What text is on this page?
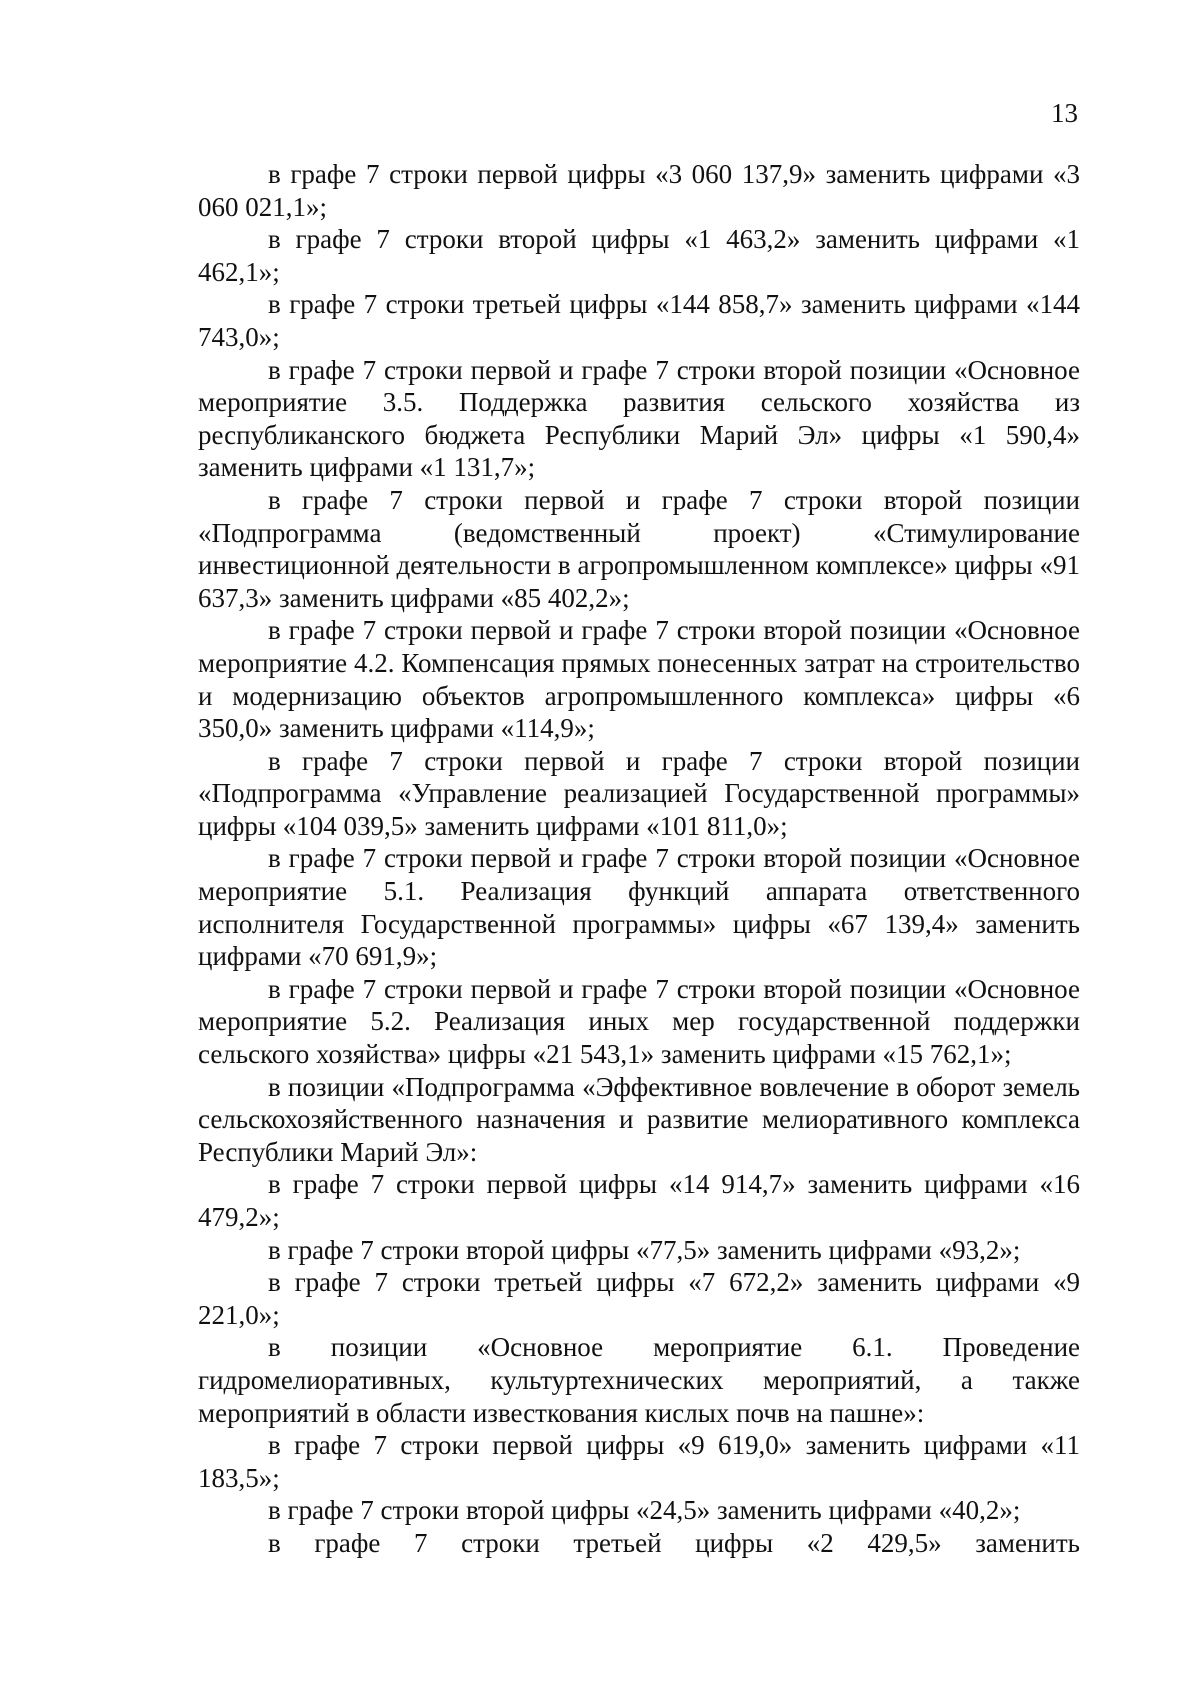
13

в графе 7 строки первой цифры «3 060 137,9» заменить цифрами «3 060 021,1»;

в графе 7 строки второй цифры «1 463,2» заменить цифрами «1 462,1»;

в графе 7 строки третьей цифры «144 858,7» заменить цифрами «144 743,0»;

в графе 7 строки первой и графе 7 строки второй позиции «Основное мероприятие 3.5. Поддержка развития сельского хозяйства из республиканского бюджета Республики Марий Эл» цифры «1 590,4» заменить цифрами «1 131,7»;

в графе 7 строки первой и графе 7 строки второй позиции «Подпрограмма (ведомственный проект) «Стимулирование инвестиционной деятельности в агропромышленном комплексе» цифры «91 637,3» заменить цифрами «85 402,2»;

в графе 7 строки первой и графе 7 строки второй позиции «Основное мероприятие 4.2. Компенсация прямых понесенных затрат на строительство и модернизацию объектов агропромышленного комплекса» цифры «6 350,0» заменить цифрами «114,9»;

в графе 7 строки первой и графе 7 строки второй позиции «Подпрограмма «Управление реализацией Государственной программы» цифры «104 039,5» заменить цифрами «101 811,0»;

в графе 7 строки первой и графе 7 строки второй позиции «Основное мероприятие 5.1. Реализация функций аппарата ответственного исполнителя Государственной программы» цифры «67 139,4» заменить цифрами «70 691,9»;

в графе 7 строки первой и графе 7 строки второй позиции «Основное мероприятие 5.2. Реализация иных мер государственной поддержки сельского хозяйства» цифры «21 543,1» заменить цифрами «15 762,1»;

в позиции «Подпрограмма «Эффективное вовлечение в оборот земель сельскохозяйственного назначения и развитие мелиоративного комплекса Республики Марий Эл»:

в графе 7 строки первой цифры «14 914,7» заменить цифрами «16 479,2»;

в графе 7 строки второй цифры «77,5» заменить цифрами «93,2»;

в графе 7 строки третьей цифры «7 672,2» заменить цифрами «9 221,0»;

в позиции «Основное мероприятие 6.1. Проведение гидромелиоративных, культуртехнических мероприятий, а также мероприятий в области известкования кислых почв на пашне»:

в графе 7 строки первой цифры «9 619,0» заменить цифрами «11 183,5»;

в графе 7 строки второй цифры «24,5» заменить цифрами «40,2»;

в графе 7 строки третьей цифры «2 429,5» заменить
